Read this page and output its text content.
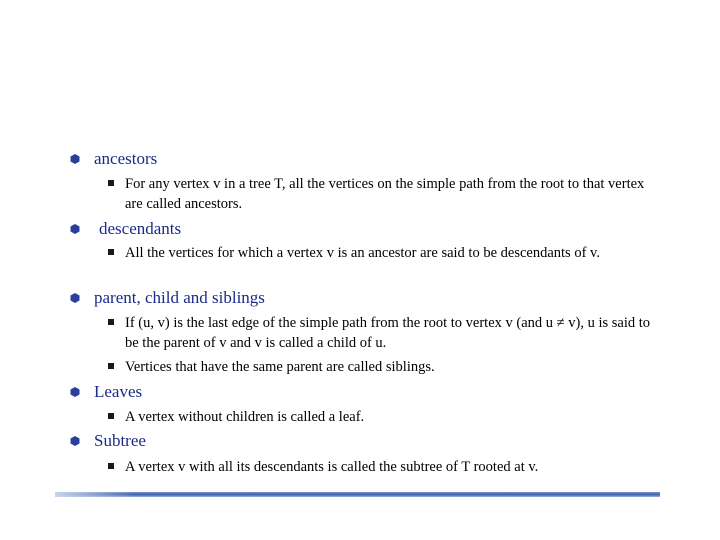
ancestors
For any vertex v in a tree T, all the vertices on the simple path from the root to that vertex are called ancestors.
descendants
All the vertices for which a vertex v is an ancestor are said to be descendants of v.
parent, child and siblings
If (u, v) is the last edge of the simple path from the root to vertex v (and u ≠ v), u is said to be the parent of v and v is called a child of u.
Vertices that have the same parent are called siblings.
Leaves
A vertex without children is called a leaf.
Subtree
A vertex v with all its descendants is called the subtree of T rooted at v.
